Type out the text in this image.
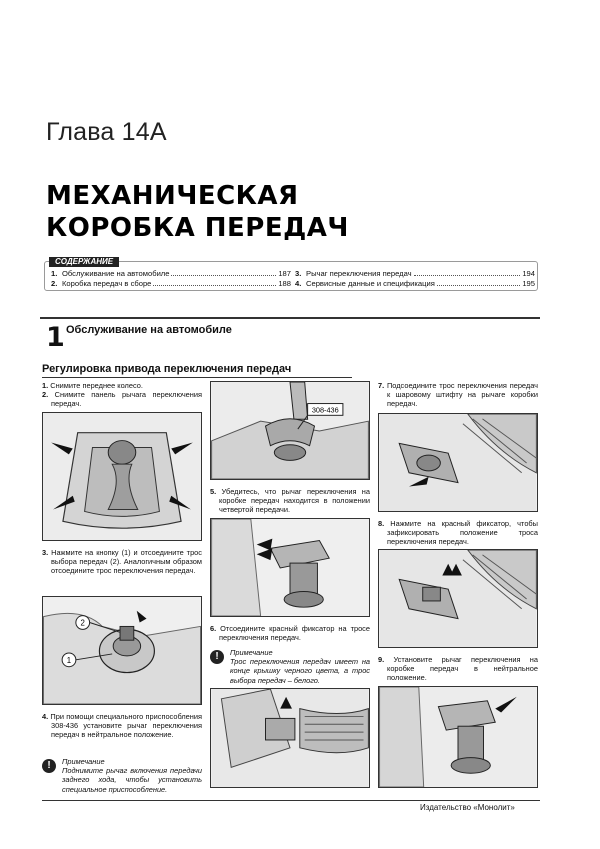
Глава 14А
МЕХАНИЧЕСКАЯ
КОРОБКА ПЕРЕДАЧ
СОДЕРЖАНИЕ
1. Обслуживание на автомобиле	187
2. Коробка передач в сборе	188
3. Рычаг переключения передач	194
4. Сервисные данные и спецификация	195
1 Обслуживание на автомобиле
Регулировка привода переключения передач
1. Снимите переднее колесо.
2. Снимите панель рычага переключения передач.
3. Нажмите на кнопку (1) и отсоедините трос выбора передач (2). Аналогичным образом отсоедините трос переключения передач.
1
2
4. При помощи специального приспособления 308-436 установите рычаг переключения передач в нейтральное положение.
!	Примечание
Поднимите рычаг включения передачи заднего хода, чтобы установить специальное приспособление.
308-436
5. Убедитесь, что рычаг переключения на коробке передач находится в положении четвертой передачи.
6. Отсоедините красный фиксатор на тросе переключения передач.
!	Примечание
Трос переключения передач имеет на конце крышку черного цвета, а трос выбора передач – белого.
7. Подсоедините трос переключения передач к шаровому штифту на рычаге коробки передач.
8. Нажмите на красный фиксатор, чтобы зафиксировать положение троса переключения передач.
9. Установите рычаг переключения на коробке передач в нейтральное положение.
Издательство «Монолит»
